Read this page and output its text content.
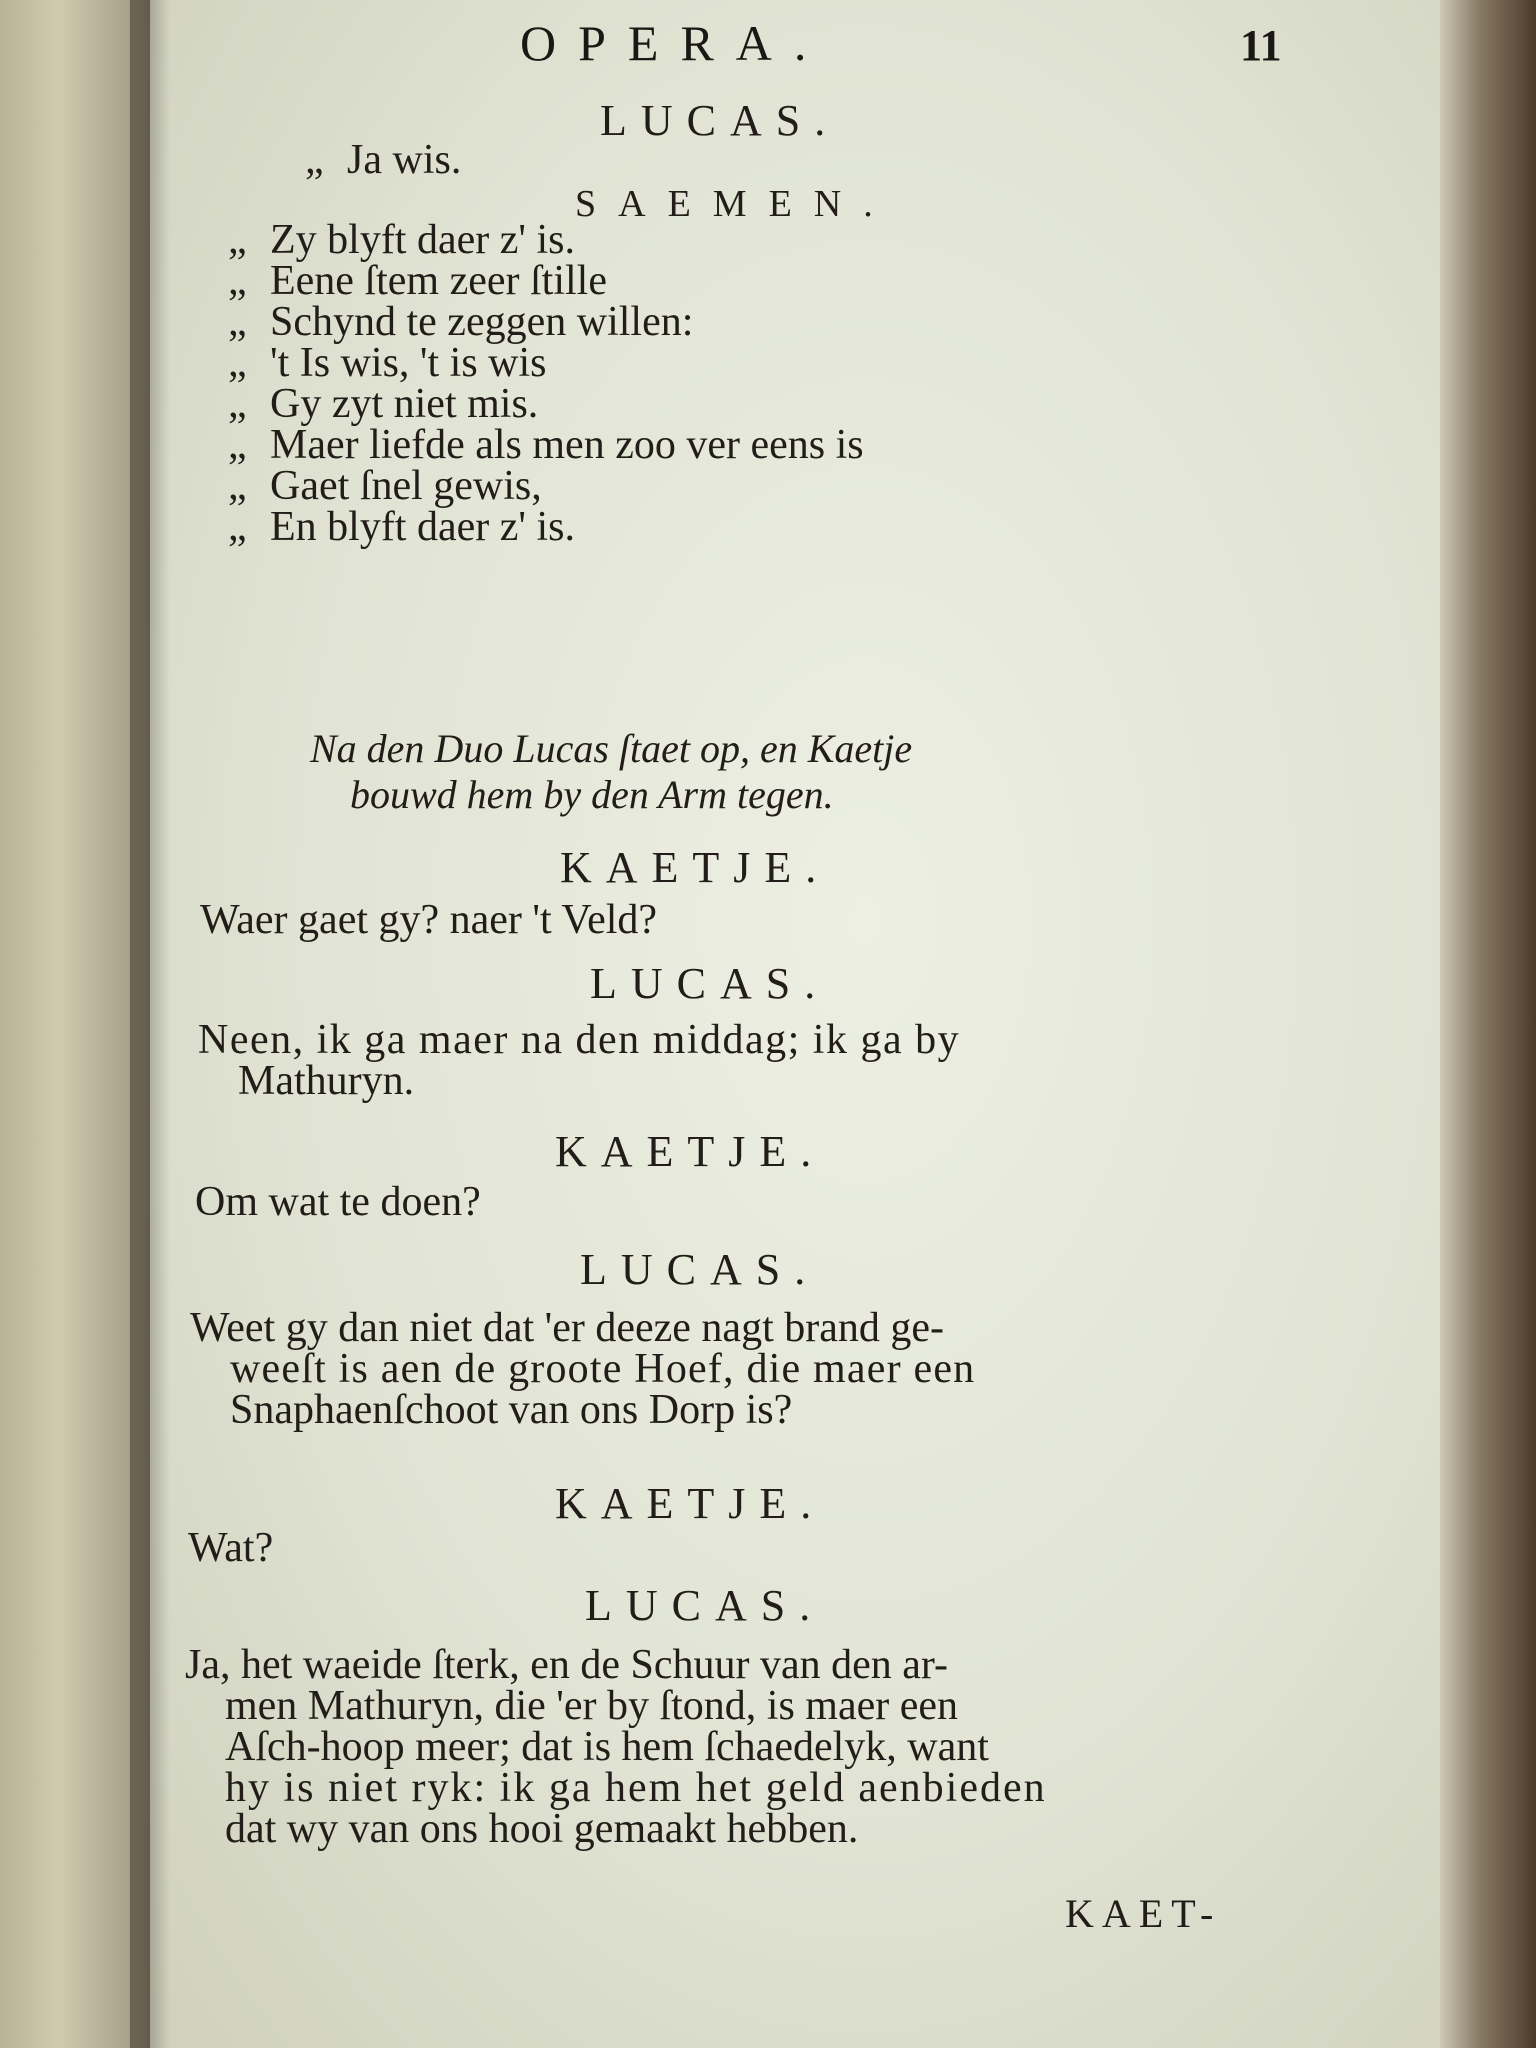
OPERA.	11
LUCAS.
„ Ja wis.
SAEMEN.
„ Zy blyft daer z' is.
„ Eene ſtem zeer ſtille
„ Schynd te zeggen willen:
„ 't Is wis, 't is wis
„ Gy zyt niet mis.
„ Maer liefde als men zoo ver eens is
„ Gaet ſnel gewis,
„ En blyft daer z' is.
Na den Duo Lucas ſtaet op, en Kaetje
bouwd hem by den Arm tegen.
KAETJE.
Waer gaet gy? naer 't Veld?
LUCAS.
Neen, ik ga maer na den middag; ik ga by
Mathuryn.
KAETJE.
Om wat te doen?
LUCAS.
Weet gy dan niet dat 'er deeze nagt brand ge-
weeſt is aen de groote Hoef, die maer een
Snaphaenſchoot van ons Dorp is?
KAETJE.
Wat?
LUCAS.
Ja, het waeide ſterk, en de Schuur van den ar-
men Mathuryn, die 'er by ſtond, is maer een
Aſch-hoop meer; dat is hem ſchaedelyk, want
hy is niet ryk: ik ga hem het geld aenbieden
dat wy van ons hooi gemaakt hebben.
KAET-
